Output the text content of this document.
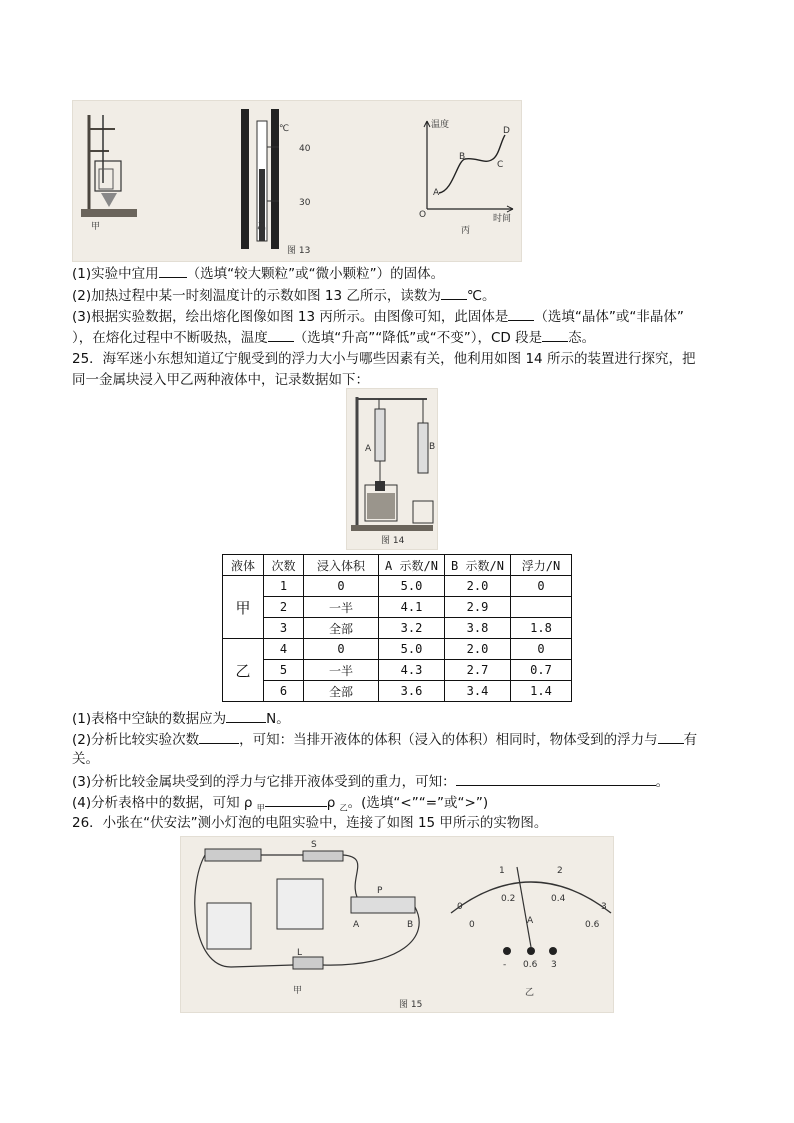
甲
℃
40
30
乙
温度
时间
O
A
B
C
D
丙
图 13
(1)实验中宜用 （选填“较大颗粒”或“微小颗粒”）的固体。
(2)加热过程中某一时刻温度计的示数如图 13 乙所示，读数为 ℃。
(3)根据实验数据，绘出熔化图像如图 13 丙所示。由图像可知，此固体是 （选填“晶体”或“非晶体”
），在熔化过程中不断吸热，温度 （选填“升高”“降低”或“不变”），CD 段是 态。
25．海军迷小东想知道辽宁舰受到的浮力大小与哪些因素有关，他利用如图 14 所示的装置进行探究，把
同一金属块浸入甲乙两种液体中，记录数据如下：
A	B
图 14
液体	次数	浸入体积	A 示数/N	B 示数/N	浮力/N
甲	1	0	5.0	2.0	0
	2	一半	4.1	2.9	
	3	全部	3.2	3.8	1.8
乙	4	0	5.0	2.0	0
	5	一半	4.3	2.7	0.7
	6	全部	3.6	3.4	1.4
(1)表格中空缺的数据应为	N。
(2)分析比较实验次数	，可知：当排开液体的体积（浸入的体积）相同时，物体受到的浮力与 有
关。
(3)分析比较金属块受到的浮力与它排开液体受到的重力，可知：	。
(4)分析表格中的数据，可知 ρ $_甲$	ρ $_乙$。(选填“<”“=”或“>”)
26．小张在“伏安法”测小灯泡的电阻实验中，连接了如图 15 甲所示的实物图。
S
P
A	B
L
甲
0
1	2
3
0
0.2	0.4
0.6
A
- 0.6 3
乙
图 15
